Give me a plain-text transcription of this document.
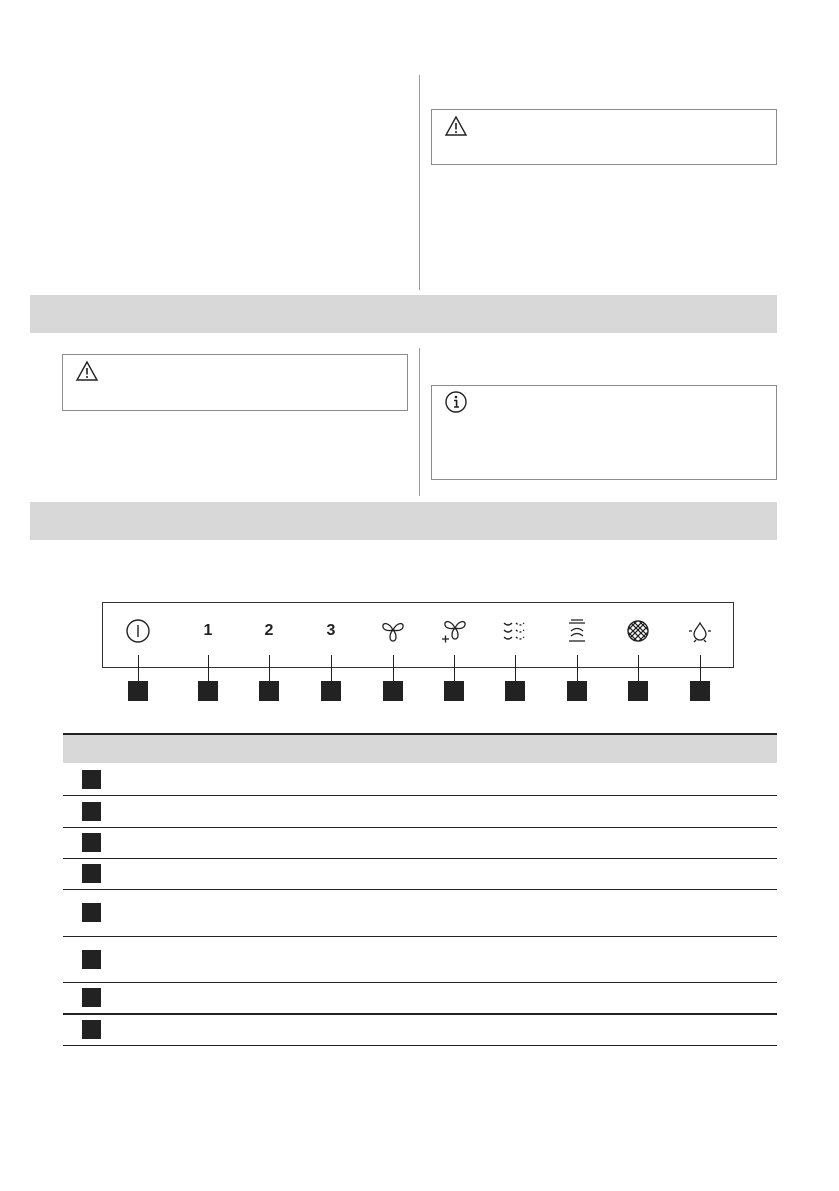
1	2	3
